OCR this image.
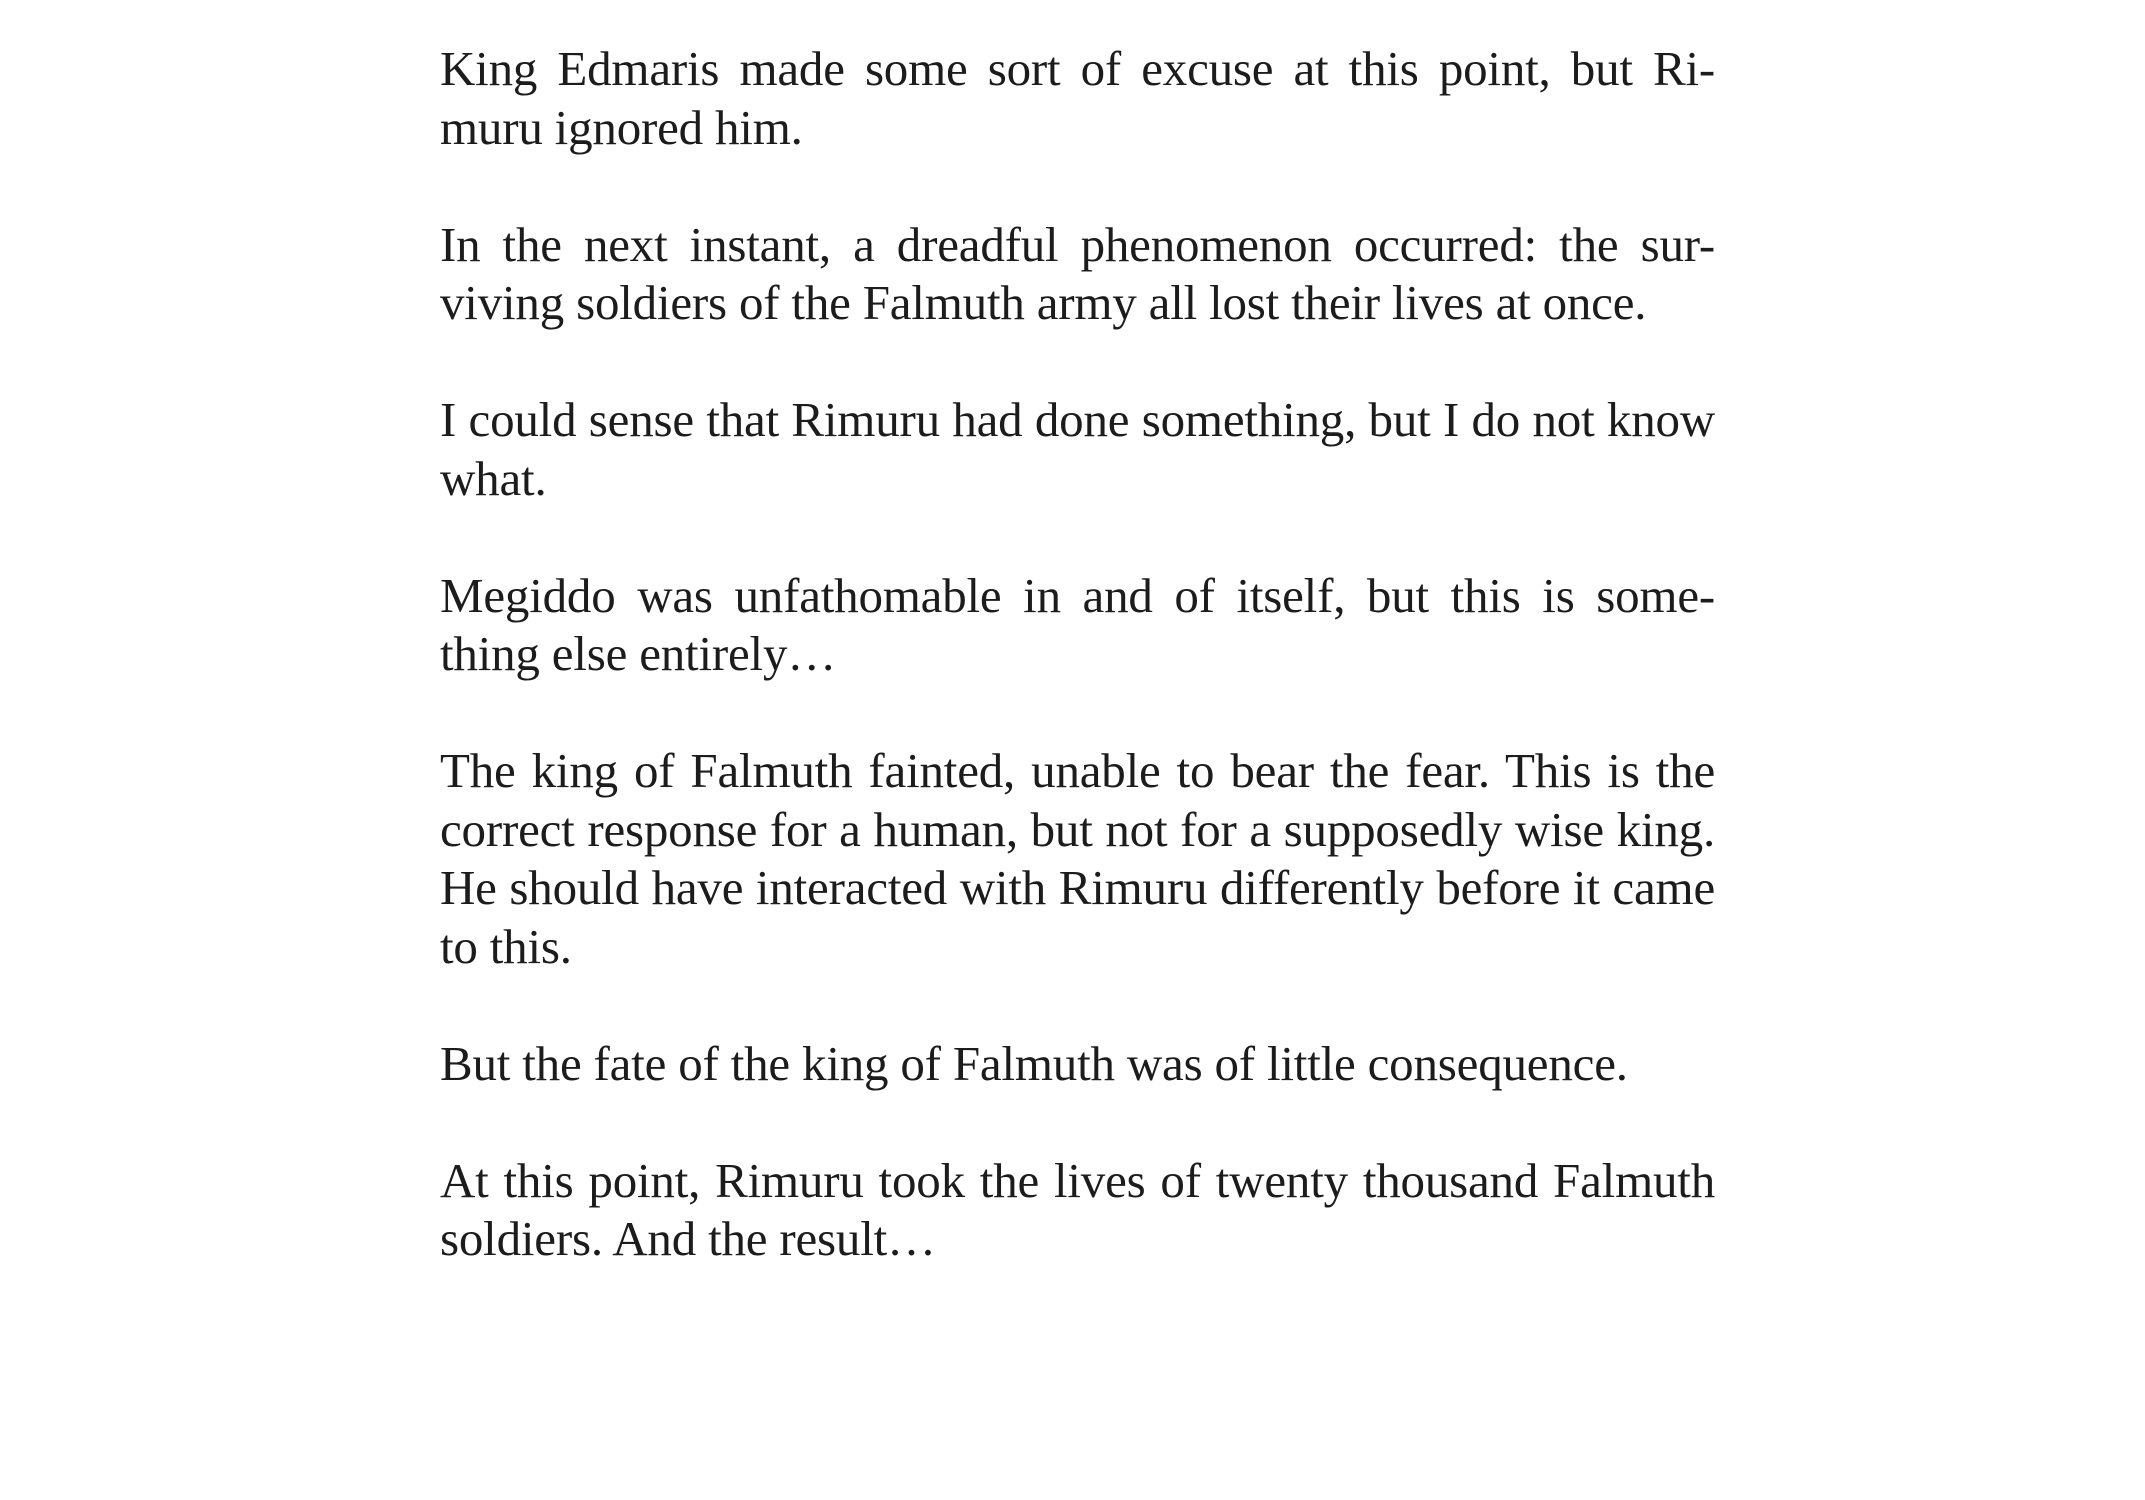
King Edmaris made some sort of excuse at this point, but Ri- muru ignored him.

In the next instant, a dreadful phenomenon occurred: the sur- viving soldiers of the Falmuth army all lost their lives at once.

I could sense that Rimuru had done something, but I do not know what.

Megiddo was unfathomable in and of itself, but this is some- thing else entirely…

The king of Falmuth fainted, unable to bear the fear. This is the correct response for a human, but not for a supposedly wise king. He should have interacted with Rimuru differently before it came to this.

But the fate of the king of Falmuth was of little consequence.

At this point, Rimuru took the lives of twenty thousand Falmuth soldiers. And the result…
